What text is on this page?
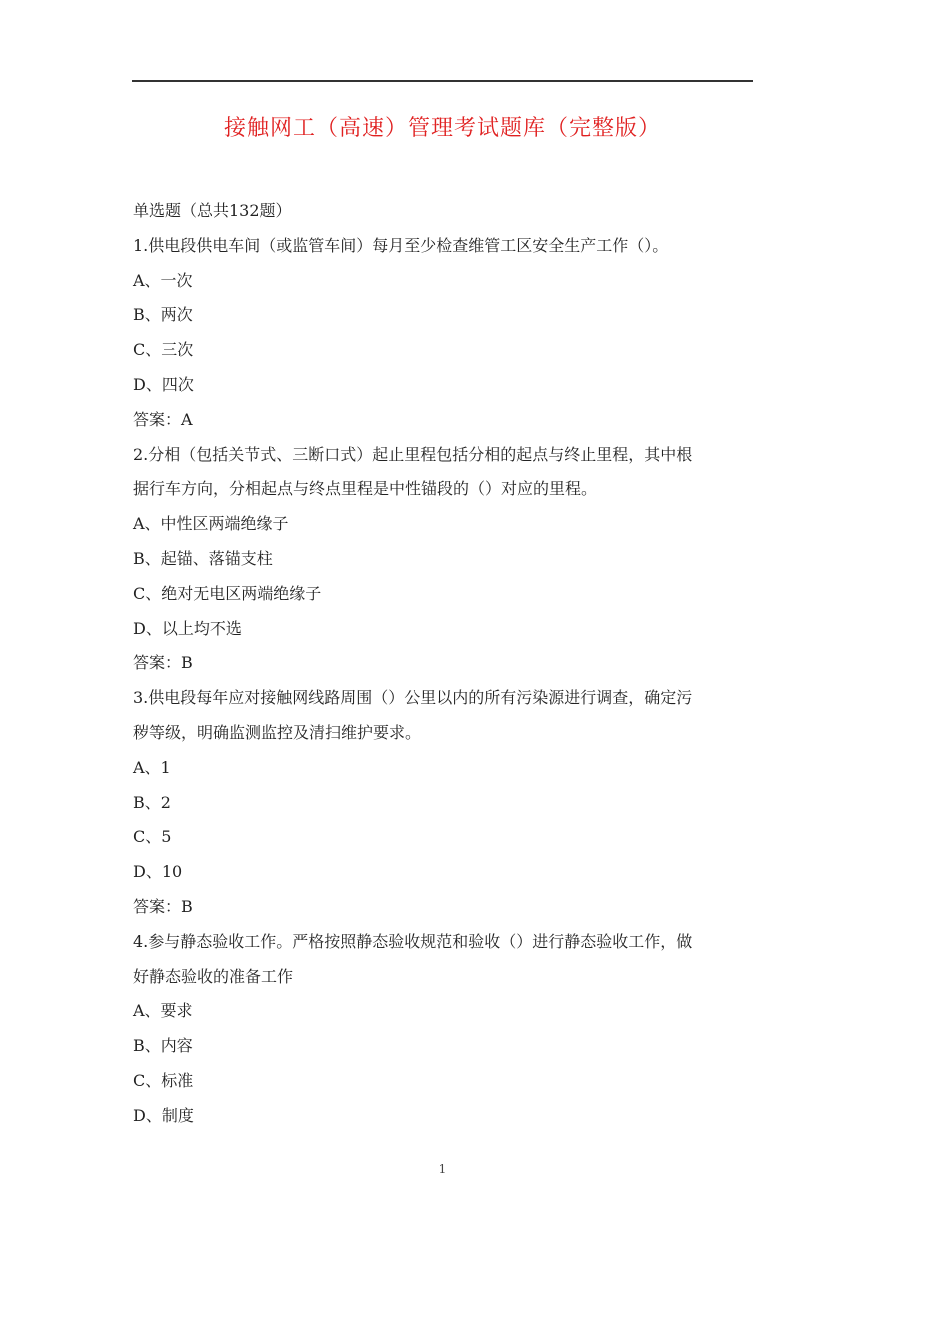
接触网工（高速）管理考试题库（完整版）

单选题（总共132题）

1.供电段供电车间（或监管车间）每月至少检查维管工区安全生产工作（）。

A、一次

B、两次

C、三次

D、四次

答案：A

2.分相（包括关节式、三断口式）起止里程包括分相的起点与终止里程，其中根

据行车方向，分相起点与终点里程是中性锚段的（）对应的里程。

A、中性区两端绝缘子

B、起锚、落锚支柱

C、绝对无电区两端绝缘子

D、以上均不选

答案：B

3.供电段每年应对接触网线路周围（）公里以内的所有污染源进行调查，确定污

秽等级，明确监测监控及清扫维护要求。

A、1

B、2

C、5

D、10

答案：B

4.参与静态验收工作。严格按照静态验收规范和验收（）进行静态验收工作，做

好静态验收的准备工作

A、要求

B、内容

C、标准

D、制度

1
